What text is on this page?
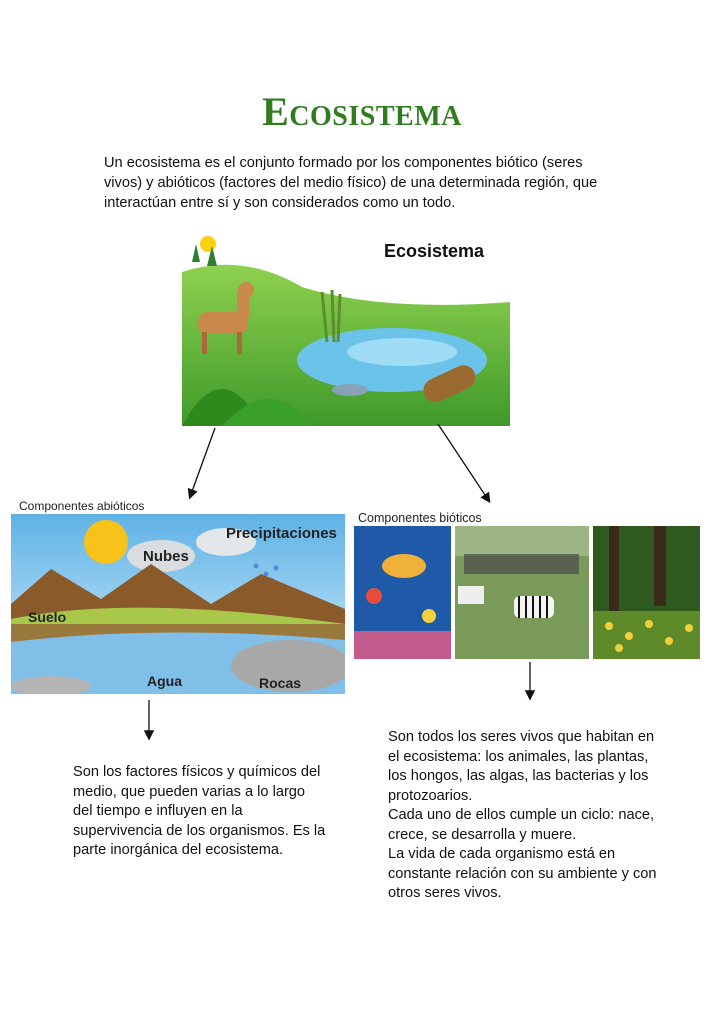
Ecosistema
Un ecosistema es el conjunto formado por los componentes biótico (seres vivos) y abióticos (factores del medio físico) de una determinada región, que interactúan entre sí y son considerados como un todo.
Ecosistema
Componentes abióticos
Componentes bióticos
Precipitaciones
Nubes
Suelo
Agua	Rocas
Son los factores físicos y químicos del medio, que pueden varias a lo largo del tiempo e influyen en la supervivencia de los organismos. Es la parte inorgánica del ecosistema.
Son todos los seres vivos que habitan en el ecosistema: los animales, las plantas, los hongos, las algas, las bacterias y los protozoarios.
Cada uno de ellos cumple un ciclo: nace, crece, se desarrolla y muere.
La vida de cada organismo está en constante relación con su ambiente y con otros seres vivos.
